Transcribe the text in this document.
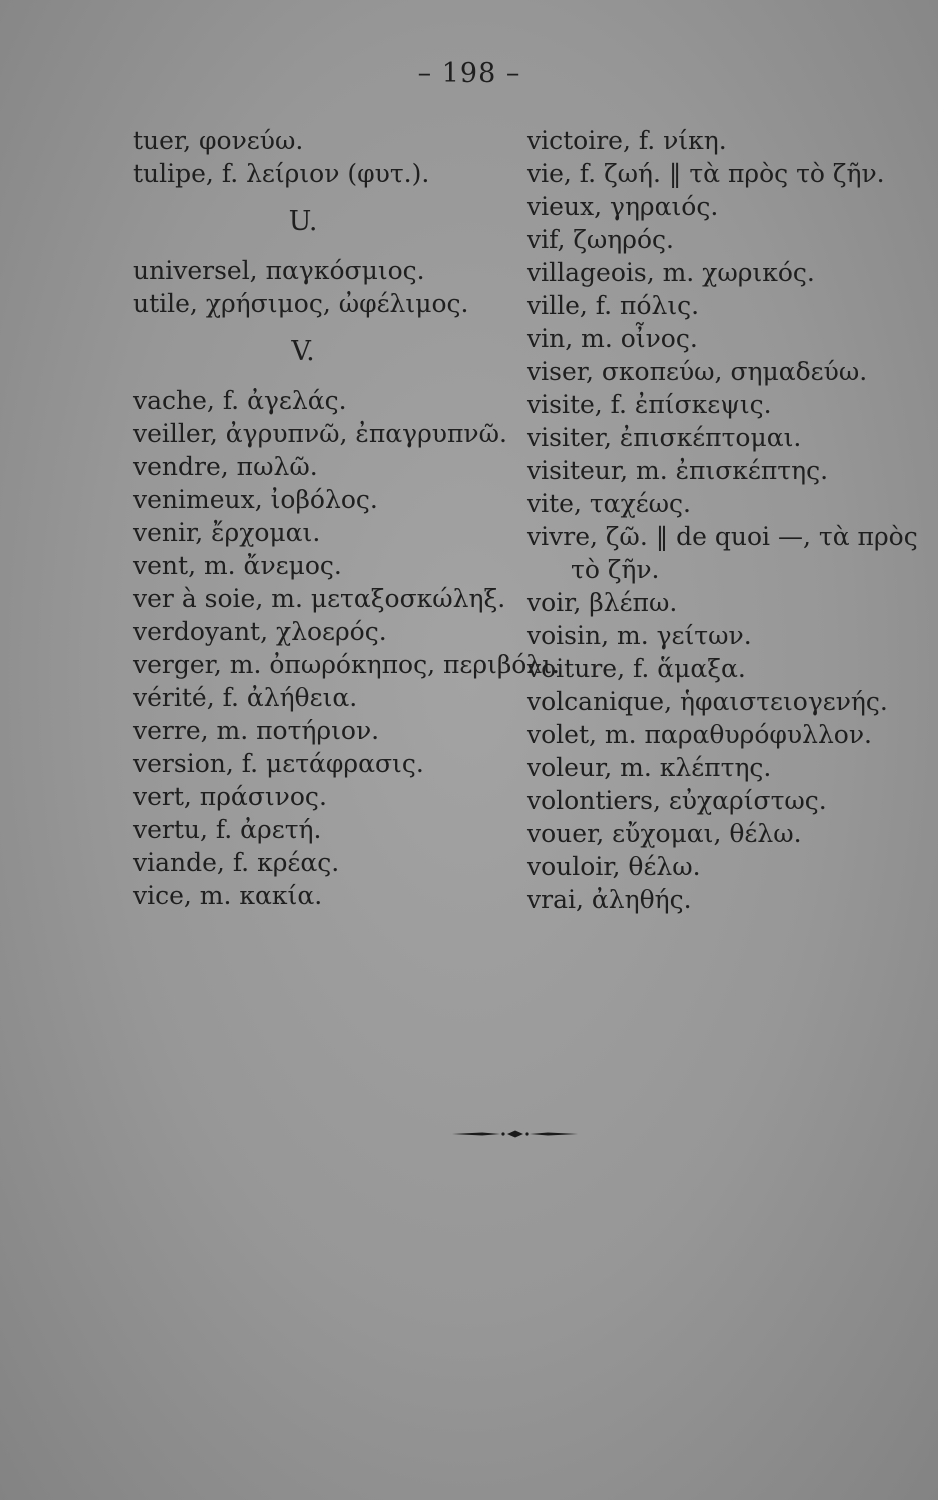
– 198 –
tuer, φονεύω.
tulipe, f. λείριον (φυτ.).
U.
universel, παγκόσμιος.
utile, χρήσιμος, ὠφέλιμος.
V.
vache, f. ἀγελάς.
veiller, ἀγρυπνῶ, ἐπαγρυπνῶ.
vendre, πωλῶ.
venimeux, ἰοβόλος.
venir, ἔρχομαι.
vent, m. ἄνεμος.
ver à soie, m. μεταξοσκώληξ.
verdoyant, χλοερός.
verger, m. ὀπωρόκηπος, περιβόλι.
vérité, f. ἀλήθεια.
verre, m. ποτήριον.
version, f. μετάφρασις.
vert, πράσινος.
vertu, f. ἀρετή.
viande, f. κρέας.
vice, m. κακία.
victoire, f. νίκη.
vie, f. ζωή. ‖ τὰ πρὸς τὸ ζῆν.
vieux, γηραιός.
vif, ζωηρός.
villageois, m. χωρικός.
ville, f. πόλις.
vin, m. οἶνος.
viser, σκοπεύω, σημαδεύω.
visite, f. ἐπίσκεψις.
visiter, ἐπισκέπτομαι.
visiteur, m. ἐπισκέπτης.
vite, ταχέως.
vivre, ζῶ. ‖ de quoi —, τὰ πρὸς
τὸ ζῆν.
voir, βλέπω.
voisin, m. γείτων.
voiture, f. ἅμαξα.
volcanique, ἡφαιστειογενής.
volet, m. παραθυρόφυλλον.
voleur, m. κλέπτης.
volontiers, εὐχαρίστως.
vouer, εὔχομαι, θέλω.
vouloir, θέλω.
vrai, ἀληθής.
